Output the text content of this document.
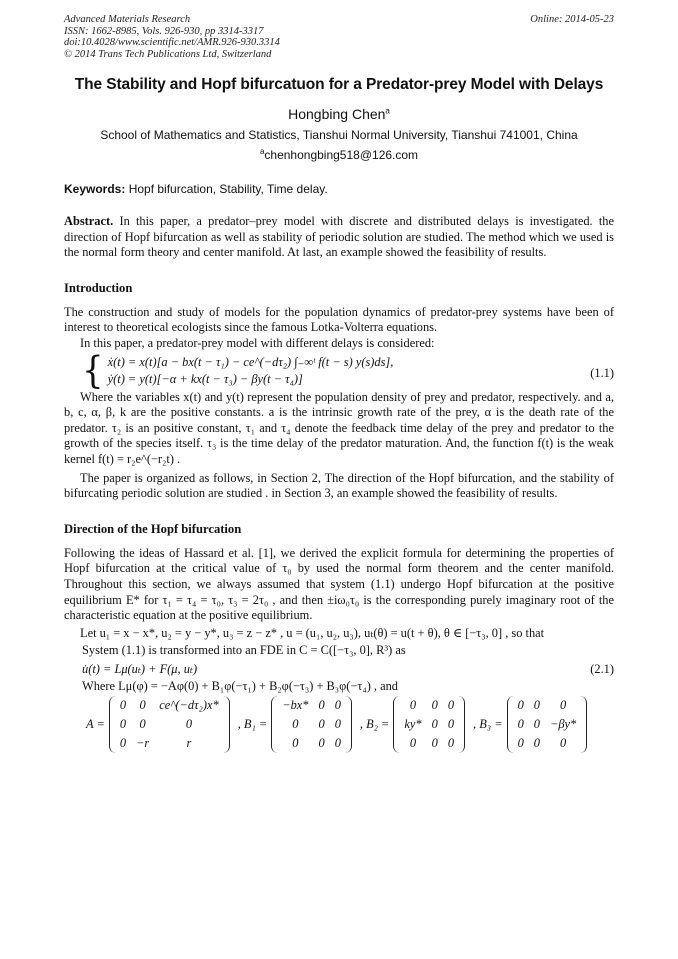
Advanced Materials Research
ISSN: 1662-8985, Vols. 926-930, pp 3314-3317
doi:10.4028/www.scientific.net/AMR.926-930.3314
© 2014 Trans Tech Publications Ltd, Switzerland
Online: 2014-05-23
The Stability and Hopf bifurcatuon for a Predator-prey Model with Delays
Hongbing Chen$^a$
School of Mathematics and Statistics, Tianshui Normal University, Tianshui 741001, China
$^a$chenhongbing518@126.com
Keywords: Hopf bifurcation, Stability, Time delay.

Abstract. In this paper, a predator–prey model with discrete and distributed delays is investigated. the direction of Hopf bifurcation as well as stability of periodic solution are studied. The method which we used is the normal form theory and center manifold. At last, an example showed the feasibility of results.

Introduction

The construction and study of models for the population dynamics of predator-prey systems have been of interest to theoretical ecologists since the famous Lotka-Volterra equations.

In this paper, a predator-prey model with different delays is considered:

{ ẋ(t) = x(t)[a − bx(t − τ₁) − ce^(−dτ₂) ∫₋∞ᵗ f(t − s) y(s)ds],
ẏ(t) = y(t)[−α + kx(t − τ₃) − βy(t − τ₄)]	(1.1)

Where the variables x(t) and y(t) represent the population density of prey and predator, respectively. and a, b, c, α, β, k are the positive constants. a is the intrinsic growth rate of the prey, α is the death rate of the predator. τ₂ is an positive constant, τ₁ and τ₄ denote the feedback time delay of the prey and predator to the growth of the species itself. τ₃ is the time delay of the predator maturation. And, the function f(t) is the weak kernel f(t) = r₂e^(−r₂t) .

The paper is organized as follows, in Section 2, The direction of the Hopf bifurcation, and the stability of bifurcating periodic solution are studied . in Section 3, an example showed the feasibility of results.

Direction of the Hopf bifurcation

Following the ideas of Hassard et al. [1], we derived the explicit formula for determining the properties of Hopf bifurcation at the critical value of τ₀ by used the normal form theorem and the center manifold. Throughout this section, we always assumed that system (1.1) undergo Hopf bifurcation at the positive equilibrium E* for τ₁ = τ₄ = τ₀, τ₃ = 2τ₀ , and then ±iω₀τ₀ is the corresponding purely imaginary root of the characteristic equation at the positive equilibrium.

Let u₁ = x − x*, u₂ = y − y*, u₃ = z − z* , u = (u₁, u₂, u₃), uₜ(θ) = u(t + θ), θ ∈ [−τ₃, 0] , so that

System (1.1) is transformed into an FDE in C = C([−τ₃, 0], R³) as

u̇(t) = Lμ(uₜ) + F(μ, uₜ)	(2.1)

Where Lμ(φ) = −Aφ(0) + B₁φ(−τ₁) + B₂φ(−τ₃) + B₃φ(−τ₄) , and

A =
0	0	ce^(−dτ₂)x*
0	0	0
0 −r	r
, B₁ =
−bx* 0 0
0	0 0
0	0 0
, B₂ =
0	0 0
ky* 0 0
0	0 0
, B₃ =
0 0	0
0 0 −βy*
0 0	0
